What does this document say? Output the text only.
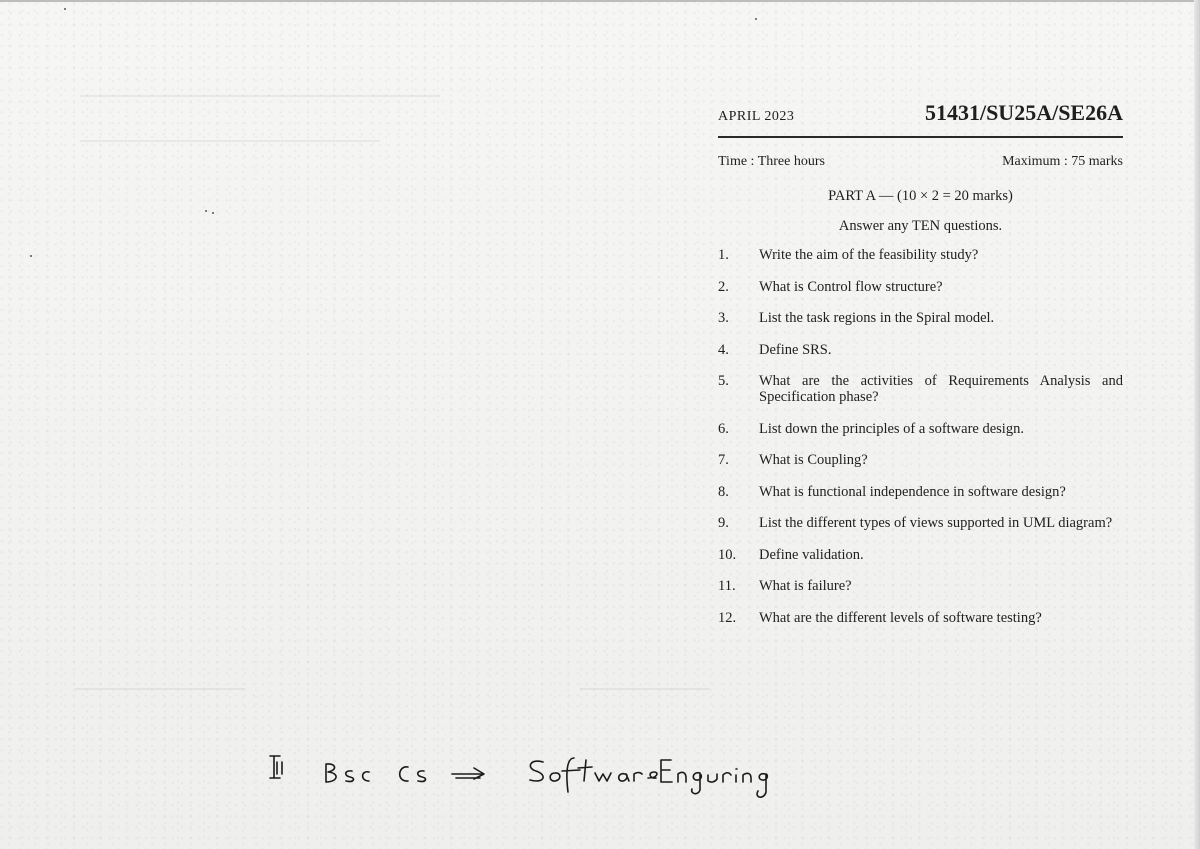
APRIL 2023	51431/SU25A/SE26A
Time : Three hours	Maximum : 75 marks
PART A — (10 × 2 = 20 marks)
Answer any TEN questions.
1.	Write the aim of the feasibility study?
2.	What is Control flow structure?
3.	List the task regions in the Spiral model.
4.	Define SRS.
5.	What are the activities of Requirements Analysis and Specification phase?
6.	List down the principles of a software design.
7.	What is Coupling?
8.	What is functional independence in software design?
9.	List the different types of views supported in UML diagram?
10.	Define validation.
11.	What is failure?
12.	What are the different levels of software testing?
